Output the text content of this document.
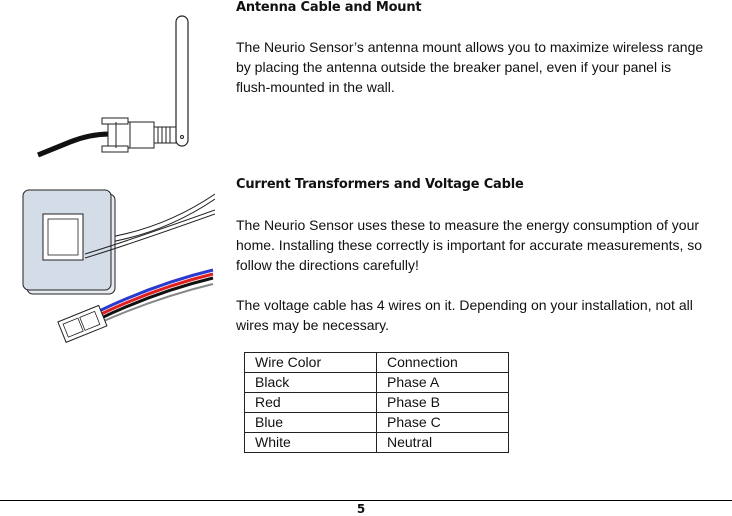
Antenna Cable and Mount

The Neurio Sensor’s antenna mount allows you to maximize wireless range by placing the antenna outside the breaker panel, even if your panel is flush-mounted in the wall.

Current Transformers and Voltage Cable

The Neurio Sensor uses these to measure the energy consumption of your home. Installing these correctly is important for accurate measurements, so follow the directions carefully!

The voltage cable has 4 wires on it. Depending on your installation, not all wires may be necessary.

Wire Color	Connection
Black	Phase A
Red	Phase B
Blue	Phase C
White	Neutral
5
